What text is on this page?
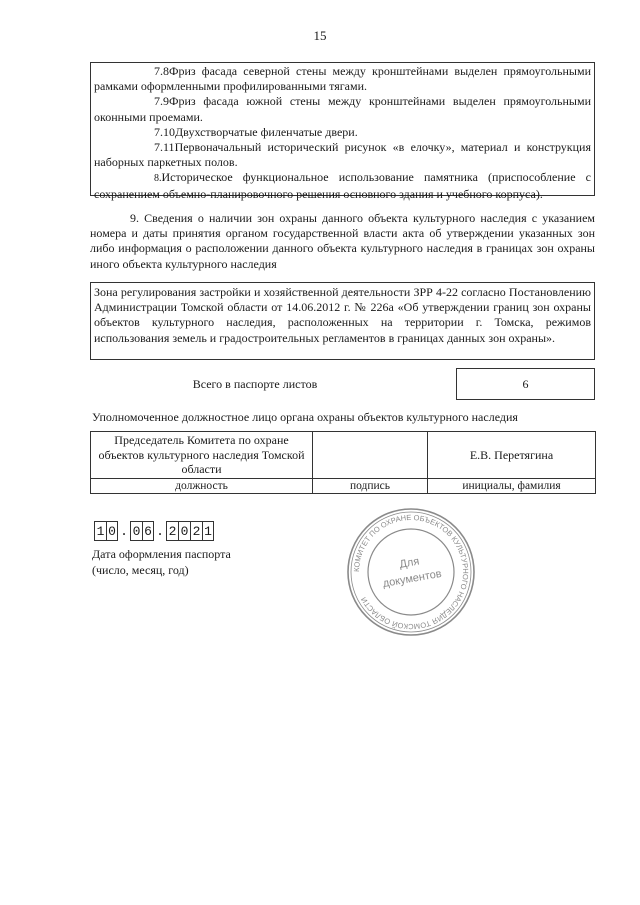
15

7.8Фриз фасада северной стены между кронштейнами выделен прямоугольными рамками оформленными профилированными тягами.

7.9Фриз фасада южной стены между кронштейнами выделен прямоугольными оконными проемами.

7.10Двухстворчатые филенчатые двери.

7.11Первоначальный исторический рисунок «в елочку», материал и конструкция наборных паркетных полов.

8.Историческое функциональное использование памятника (приспособление с сохранением объемно-планировочного решения основного здания и учебного корпуса).

9. Сведения о наличии зон охраны данного объекта культурного наследия с указанием номера и даты принятия органом государственной власти акта об утверждении указанных зон либо информация о расположении данного объекта культурного наследия в границах зон охраны иного объекта культурного наследия

Зона регулирования застройки и хозяйственной деятельности ЗРР 4-22 согласно Постановлению Администрации Томской области от 14.06.2012 г. № 226а «Об утверждении границ зон охраны объектов культурного наследия, расположенных на территории г. Томска, режимов использования земель и градостроительных регламентов в границах данных зон охраны».

Всего в паспорте листов	6
Уполномоченное должностное лицо органа охраны объектов культурного наследия
Председатель Комитета по охране объектов культурного наследия Томской области		Е.В. Перетягина
должность	подпись	инициалы, фамилия
1 0 . 0 6 . 2 0 2 1
Дата оформления паспорта
(число, месяц, год)	КОМИТЕТ ПО ОХРАНЕ ОБЪЕКТОВ КУЛЬТУРНОГО НАСЛЕДИЯ ТОМСКОЙ ОБЛАСТИ
Для
документов
